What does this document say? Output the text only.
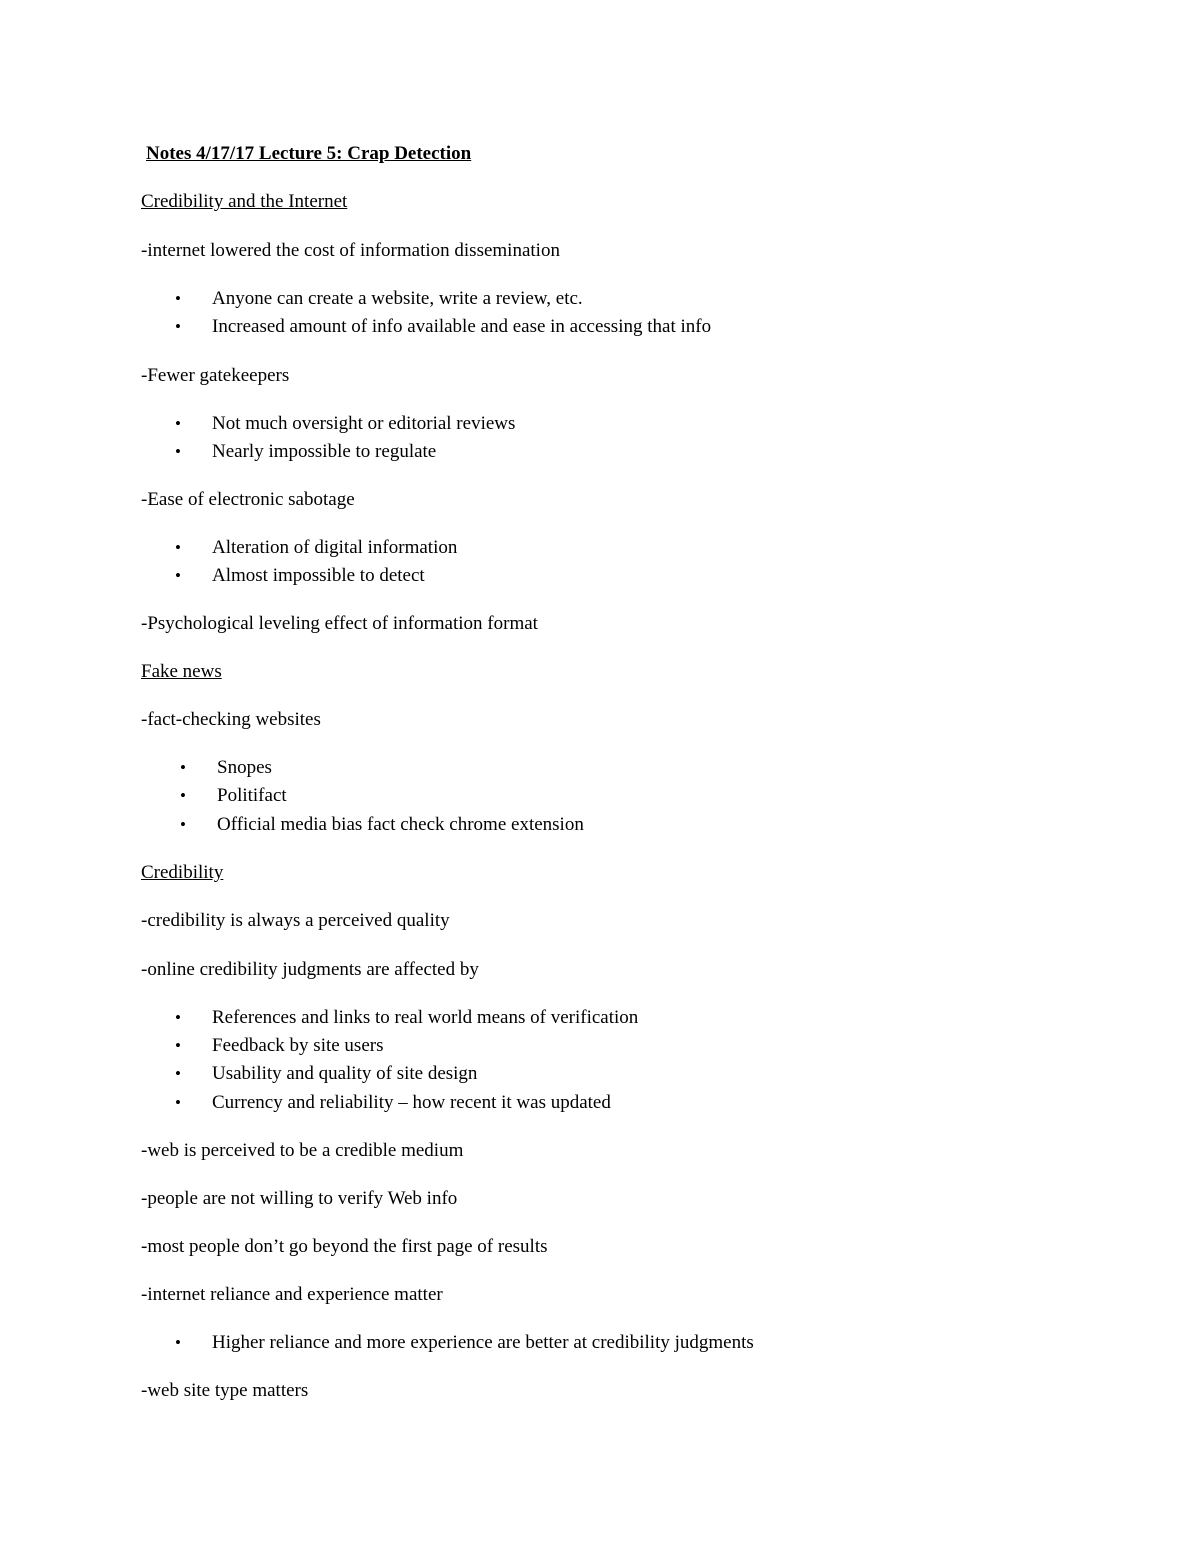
Notes 4/17/17 Lecture 5: Crap Detection
Credibility and the Internet
-internet lowered the cost of information dissemination
• Anyone can create a website, write a review, etc.
• Increased amount of info available and ease in accessing that info
-Fewer gatekeepers
• Not much oversight or editorial reviews
• Nearly impossible to regulate
-Ease of electronic sabotage
• Alteration of digital information
• Almost impossible to detect
-Psychological leveling effect of information format
Fake news
-fact-checking websites
• Snopes
• Politifact
• Official media bias fact check chrome extension
Credibility
-credibility is always a perceived quality
-online credibility judgments are affected by
• References and links to real world means of verification
• Feedback by site users
• Usability and quality of site design
• Currency and reliability – how recent it was updated
-web is perceived to be a credible medium
-people are not willing to verify Web info
-most people don’t go beyond the first page of results
-internet reliance and experience matter
• Higher reliance and more experience are better at credibility judgments
-web site type matters
